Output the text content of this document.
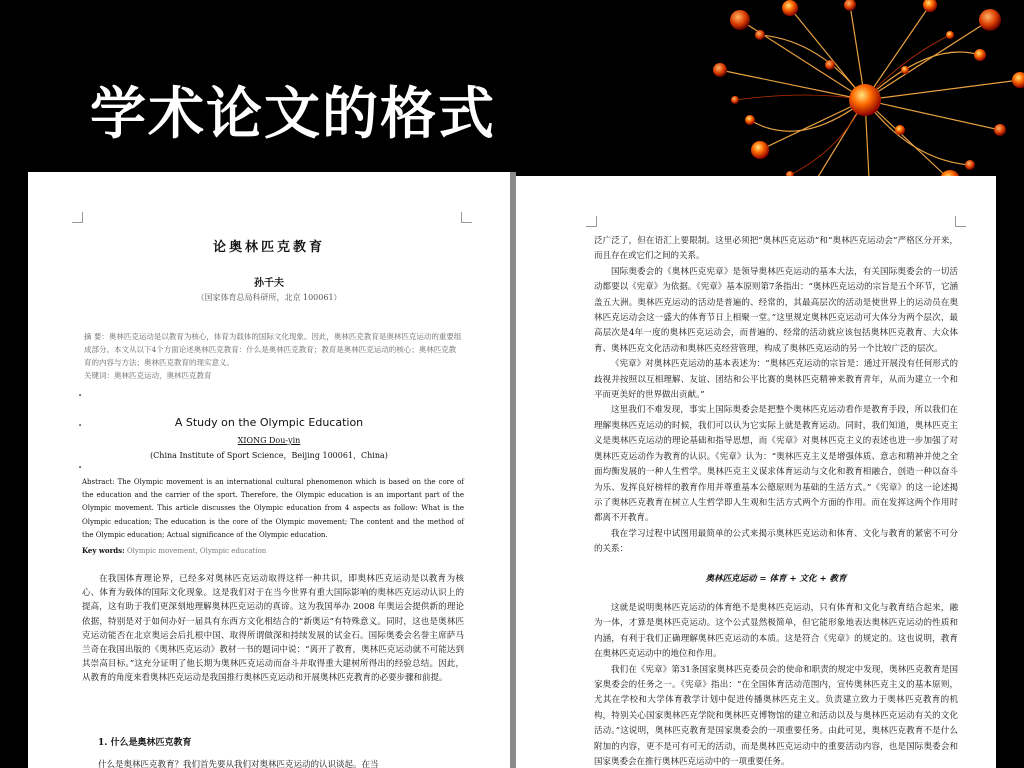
学术论文的格式
论奥林匹克教育
孙千夫
（国家体育总局科研所，北京 100061）
摘 要：奥林匹克运动是以教育为核心，体育为载体的国际文化现象。因此，奥林匹克教育是奥林匹克运动的重要组成部分。本文从以下4个方面论述奥林匹克教育：什么是奥林匹克教育；教育是奥林匹克运动的核心；奥林匹克教育的内容与方法；奥林匹克教育的现实意义。
关键词：奥林匹克运动，奥林匹克教育
•
•	A Study on the Olympic Education
XIONG Dou-yin
(China Institute of Sport Science，Beijing 100061，China)
•
Abstract: The Olympic movement is an international cultural phenomenon which is based on the core of the education and the carrier of the sport. Therefore, the Olympic education is an important part of the Olympic movement. This article discusses the Olympic education from 4 aspects as follow: What is the Olympic education; The education is the core of the Olympic movement; The content and the method of the Olympic education; Actual significance of the Olympic education.
Key words: Olympic movement, Olympic education

在我国体育理论界，已经多对奥林匹克运动取得这样一种共识，即奥林匹克运动是以教育为核心、体育为载体的国际文化现象。这是我们对于在当今世界有重大国际影响的奥林匹克运动认识上的提高，这有助于我们更深刻地理解奥林匹克运动的真谛。这为我国举办 2008 年奥运会提供新的理论依据，特别是对于如何办好一届具有东西方文化相结合的“新奥运”有特殊意义。同时，这也是奥林匹克运动能否在北京奥运会后扎根中国、取得所谓做深和持续发展的试金石。国际奥委会名誉主席萨马兰奇在我国出版的《奥林匹克运动》教材一书的题词中说：“离开了教育，奥林匹克运动就不可能达到其崇高目标。”这充分证明了他长期为奥林匹克运动而奋斗并取得重大建树所得出的经验总结。因此，从教育的角度来看奥林匹克运动是我国推行奥林匹克运动和开展奥林匹克教育的必要步骤和前提。

1. 什么是奥林匹克教育
什么是奥林匹克教育？我们首先要从我们对奥林匹克运动的认识谈起。在当

泛广泛了，但在语汇上要限制。这里必须把“奥林匹克运动”和“奥林匹克运动会”严格区分开来，而且存在或它们之间的关系。

国际奥委会的《奥林匹克宪章》是领导奥林匹克运动的基本大法，有关国际奥委会的一切活动都要以《宪章》为依据。《宪章》基本原则第7条指出：“奥林匹克运动的宗旨是五个环节，它涵盖五大洲。奥林匹克运动的活动是普遍的、经常的，其最高层次的活动是使世界上的运动员在奥林匹克运动会这一盛大的体育节日上相聚一堂。”这里规定奥林匹克运动可大体分为两个层次，最高层次是4年一度的奥林匹克运动会，而普遍的、经常的活动就应该包括奥林匹克教育、大众体育、奥林匹克文化活动和奥林匹克经营管理，构成了奥林匹克运动的另一个比较广泛的层次。

《宪章》对奥林匹克运动的基本表述为：“奥林匹克运动的宗旨是：通过开展没有任何形式的歧视并按照以互相理解、友谊、团结和公平比赛的奥林匹克精神来教育青年，从而为建立一个和平而更美好的世界做出贡献。”

这里我们不难发现，事实上国际奥委会是把整个奥林匹克运动看作是教育手段，所以我们在理解奥林匹克运动的时候，我们可以认为它实际上就是教育运动。同时，我们知道，奥林匹克主义是奥林匹克运动的理论基础和指导思想，而《宪章》对奥林匹克主义的表述也进一步加强了对奥林匹克运动作为教育的认识。《宪章》认为：“奥林匹克主义是增强体质、意志和精神并使之全面均衡发展的一种人生哲学。奥林匹克主义谋求体育运动与文化和教育相融合，创造一种以奋斗为乐、发挥良好榜样的教育作用并尊重基本公德原则为基础的生活方式。”《宪章》的这一论述揭示了奥林匹克教育在树立人生哲学即人生观和生活方式两个方面的作用。而在发挥这两个作用时都离不开教育。

我在学习过程中试图用最简单的公式来揭示奥林匹克运动和体育、文化与教育的紧密不可分的关系：

奥林匹克运动 = 体育 + 文化 + 教育

这就是说明奥林匹克运动的体育绝不是奥林匹克运动，只有体育和文化与教育结合起来，融为一体，才算是奥林匹克运动。这个公式显然极简单，但它能形象地表达奥林匹克运动的性质和内涵，有利于我们正确理解奥林匹克运动的本质。这是符合《宪章》的规定的。这也说明，教育在奥林匹克运动中的地位和作用。

我们在《宪章》第31条国家奥林匹克委员会的使命和职责的规定中发现，奥林匹克教育是国家奥委会的任务之一。《宪章》指出：“在全国体育活动范围内，宣传奥林匹克主义的基本原则，尤其在学校和大学体育教学计划中促进传播奥林匹克主义。负责建立致力于奥林匹克教育的机构，特别关心国家奥林匹克学院和奥林匹克博物馆的建立和活动以及与奥林匹克运动有关的文化活动。”这说明，奥林匹克教育是国家奥委会的一项重要任务。由此可见，奥林匹克教育不是什么附加的内容，更不是可有可无的活动，而是奥林匹克运动中的重要活动内容，也是国际奥委会和国家奥委会在推行奥林匹克运动中的一项重要任务。
